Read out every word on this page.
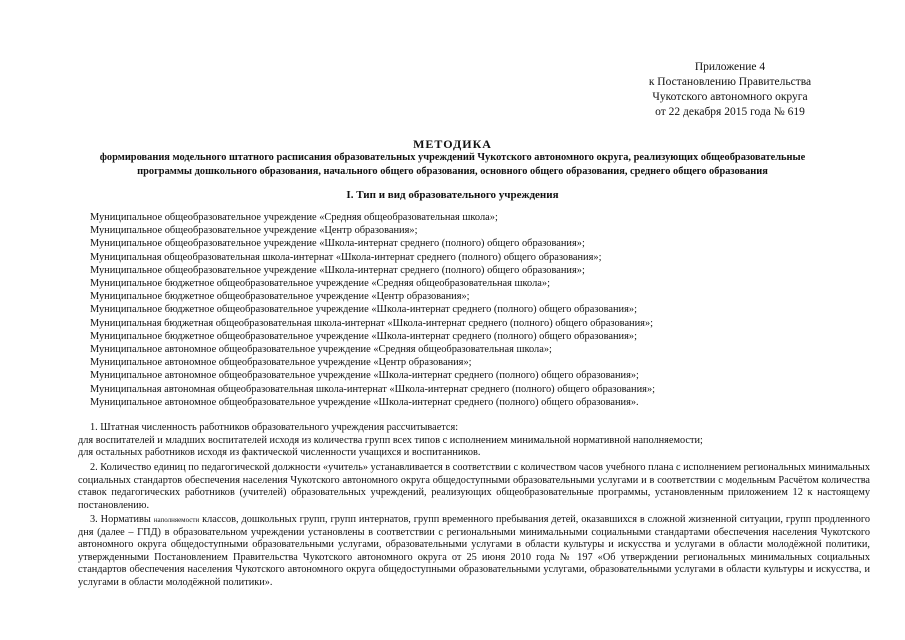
Приложение 4
к Постановлению Правительства
Чукотского автономного округа
от 22 декабря 2015 года № 619
МЕТОДИКА
формирования модельного штатного расписания образовательных учреждений Чукотского автономного округа, реализующих общеобразовательные
программы дошкольного образования, начального общего образования, основного общего образования, среднего общего образования
I. Тип и вид образовательного учреждения
Муниципальное общеобразовательное учреждение «Средняя общеобразовательная школа»;
Муниципальное общеобразовательное учреждение «Центр образования»;
Муниципальное общеобразовательное учреждение «Школа-интернат среднего (полного) общего образования»;
Муниципальная общеобразовательная школа-интернат «Школа-интернат среднего (полного) общего образования»;
Муниципальное общеобразовательное учреждение «Школа-интернат среднего (полного) общего образования»;
Муниципальное бюджетное общеобразовательное учреждение «Средняя общеобразовательная школа»;
Муниципальное бюджетное общеобразовательное учреждение «Центр образования»;
Муниципальное бюджетное общеобразовательное учреждение «Школа-интернат среднего (полного) общего образования»;
Муниципальная бюджетная общеобразовательная школа-интернат «Школа-интернат среднего (полного) общего образования»;
Муниципальное бюджетное общеобразовательное учреждение «Школа-интернат среднего (полного) общего образования»;
Муниципальное автономное общеобразовательное учреждение «Средняя общеобразовательная школа»;
Муниципальное автономное общеобразовательное учреждение «Центр образования»;
Муниципальное автономное общеобразовательное учреждение «Школа-интернат среднего (полного) общего образования»;
Муниципальная автономная общеобразовательная школа-интернат «Школа-интернат среднего (полного) общего образования»;
Муниципальное автономное общеобразовательное учреждение «Школа-интернат среднего (полного) общего образования».
1. Штатная численность работников образовательного учреждения рассчитывается:
для воспитателей и младших воспитателей исходя из количества групп всех типов с исполнением минимальной нормативной наполняемости;
для остальных работников исходя из фактической численности учащихся и воспитанников.
2. Количество единиц по педагогической должности «учитель» устанавливается в соответствии с количеством часов учебного плана с исполнением региональных минимальных социальных стандартов обеспечения населения Чукотского автономного округа общедоступными образовательными услугами и в соответствии с модельным Расчётом количества ставок педагогических работников (учителей) образовательных учреждений, реализующих общеобразовательные программы, установленным приложением 12 к настоящему постановлению.
3. Нормативы наполняемости классов, дошкольных групп, групп интернатов, групп временного пребывания детей, оказавшихся в сложной жизненной ситуации, групп продленного дня (далее – ГПД) в образовательном учреждении установлены в соответствии с региональными минимальными социальными стандартами обеспечения населения Чукотского автономного округа общедоступными образовательными услугами, образовательными услугами в области культуры и искусства и услугами в области молодёжной политики, утвержденными Постановлением Правительства Чукотского автономного округа от 25 июня 2010 года № 197 «Об утверждении региональных минимальных социальных стандартов обеспечения населения Чукотского автономного округа общедоступными образовательными услугами, образовательными услугами в области культуры и искусства, и услугами в области молодёжной политики».
